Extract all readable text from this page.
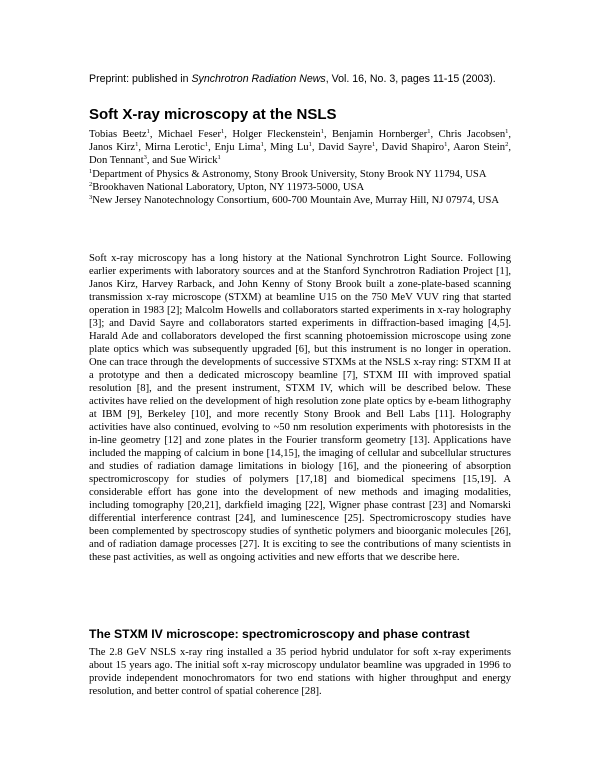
Preprint: published in Synchrotron Radiation News, Vol. 16, No. 3, pages 11-15 (2003).
Soft X-ray microscopy at the NSLS
Tobias Beetz$^1$, Michael Feser$^1$, Holger Fleckenstein$^1$, Benjamin Hornberger$^1$, Chris Jacobsen$^1$, Janos Kirz$^1$, Mirna Lerotic$^1$, Enju Lima$^1$, Ming Lu$^1$, David Sayre$^1$, David Shapiro$^1$, Aaron Stein$^2$, Don Tennant$^3$, and Sue Wirick$^1$
$^1$Department of Physics & Astronomy, Stony Brook University, Stony Brook NY 11794, USA
$^2$Brookhaven National Laboratory, Upton, NY 11973-5000, USA
$^3$New Jersey Nanotechnology Consortium, 600-700 Mountain Ave, Murray Hill, NJ 07974, USA

Soft x-ray microscopy has a long history at the National Synchrotron Light Source. Following earlier experiments with laboratory sources and at the Stanford Synchrotron Radiation Project [1], Janos Kirz, Harvey Rarback, and John Kenny of Stony Brook built a zone-plate-based scanning transmission x-ray microscope (STXM) at beamline U15 on the 750 MeV VUV ring that started operation in 1983 [2]; Malcolm Howells and collaborators started experiments in x-ray holography [3]; and David Sayre and collaborators started experiments in diffraction-based imaging [4,5]. Harald Ade and collaborators developed the first scanning photoemission microscope using zone plate optics which was subsequently upgraded [6], but this instrument is no longer in operation. One can trace through the developments of successive STXMs at the NSLS x-ray ring: STXM II at a prototype and then a dedicated microscopy beamline [7], STXM III with improved spatial resolution [8], and the present instrument, STXM IV, which will be described below. These activites have relied on the development of high resolution zone plate optics by e-beam lithography at IBM [9], Berkeley [10], and more recently Stony Brook and Bell Labs [11]. Holography activities have also continued, evolving to ~50 nm resolution experiments with photoresists in the in-line geometry [12] and zone plates in the Fourier transform geometry [13]. Applications have included the mapping of calcium in bone [14,15], the imaging of cellular and subcellular structures and studies of radiation damage limitations in biology [16], and the pioneering of absorption spectromicroscopy for studies of polymers [17,18] and biomedical specimens [15,19]. A considerable effort has gone into the development of new methods and imaging modalities, including tomography [20,21], darkfield imaging [22], Wigner phase contrast [23] and Nomarski differential interference contrast [24], and luminescence [25]. Spectromicroscopy studies have been complemented by spectroscopy studies of synthetic polymers and bioorganic molecules [26], and of radiation damage processes [27]. It is exciting to see the contributions of many scientists in these past activities, as well as ongoing activities and new efforts that we describe here.

The STXM IV microscope: spectromicroscopy and phase contrast
The 2.8 GeV NSLS x-ray ring installed a 35 period hybrid undulator for soft x-ray experiments about 15 years ago. The initial soft x-ray microscopy undulator beamline was upgraded in 1996 to provide independent monochromators for two end stations with higher throughput and energy resolution, and better control of spatial coherence [28].
